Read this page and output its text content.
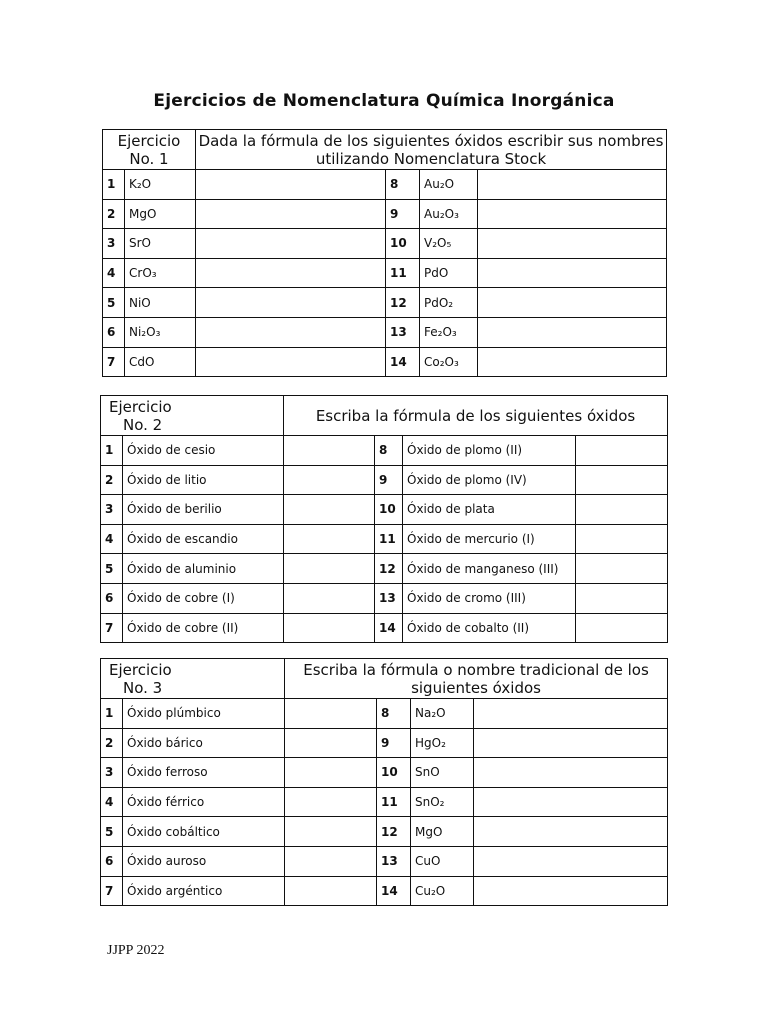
Ejercicios de Nomenclatura Química Inorgánica
Ejercicio
No. 1		Dada la fórmula de los siguientes óxidos escribir sus nombres utilizando Nomenclatura Stock			
1	K₂O		8	Au₂O	
2	MgO		9	Au₂O₃	
3	SrO		10	V₂O₅	
4	CrO₃		11	PdO	
5	NiO		12	PdO₂	
6	Ni₂O₃		13	Fe₂O₃	
7	CdO		14	Co₂O₃	
Ejercicio
No. 2		Escriba la fórmula de los siguientes óxidos			
1	Óxido de cesio		8	Óxido de plomo (II)	
2	Óxido de litio		9	Óxido de plomo (IV)	
3	Óxido de berilio		10	Óxido de plata	
4	Óxido de escandio		11	Óxido de mercurio (I)	
5	Óxido de aluminio		12	Óxido de manganeso (III)	
6	Óxido de cobre (I)		13	Óxido de cromo (III)	
7	Óxido de cobre (II)		14	Óxido de cobalto (II)	
Ejercicio
No. 3		Escriba la fórmula o nombre tradicional de los siguientes óxidos			
1	Óxido plúmbico		8	Na₂O	
2	Óxido bárico		9	HgO₂	
3	Óxido ferroso		10	SnO	
4	Óxido férrico		11	SnO₂	
5	Óxido cobáltico		12	MgO	
6	Óxido auroso		13	CuO	
7	Óxido argéntico		14	Cu₂O	
JJPP 2022
